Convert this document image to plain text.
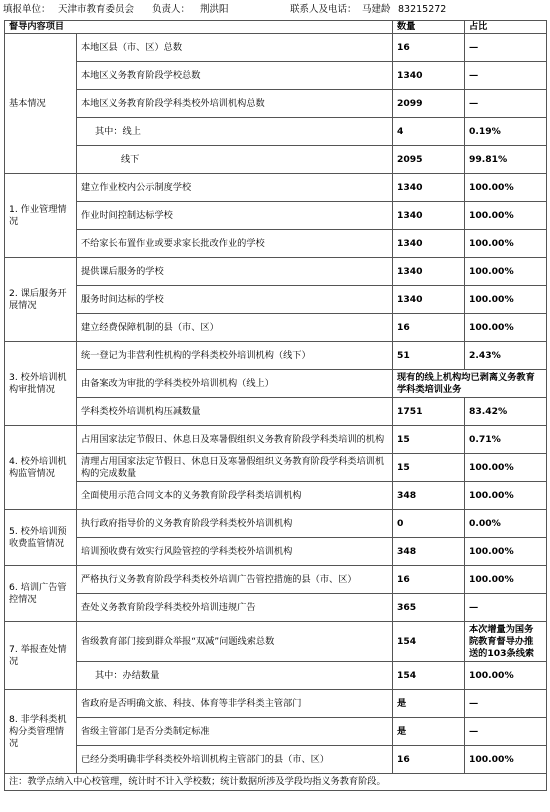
填报单位： 天津市教育委员会 负责人： 荆洪阳	联系人及电话： 马建龄 83215272
督导内容项目		数量	占比
基本情况	本地区县（市、区）总数	16	—
	本地区义务教育阶段学校总数	1340	—
	本地区义务教育阶段学科类校外培训机构总数	2099	—
	其中：线上	4	0.19%
	线下	2095	99.81%
1. 作业管理情况	建立作业校内公示制度学校	1340	100.00%
	作业时间控制达标学校	1340	100.00%
	不给家长布置作业或要求家长批改作业的学校	1340	100.00%
2. 课后服务开展情况	提供课后服务的学校	1340	100.00%
	服务时间达标的学校	1340	100.00%
	建立经费保障机制的县（市、区）	16	100.00%
3. 校外培训机构审批情况	统一登记为非营利性机构的学科类校外培训机构（线下）	51	2.43%
	由备案改为审批的学科类校外培训机构（线上）	现有的线上机构均已剥离义务教育学科类培训业务	
	学科类校外培训机构压减数量	1751	83.42%
4. 校外培训机构监管情况	占用国家法定节假日、休息日及寒暑假组织义务教育阶段学科类培训的机构	15	0.71%
	清理占用国家法定节假日、休息日及寒暑假组织义务教育阶段学科类培训机构的完成数量	15	100.00%
	全面使用示范合同文本的义务教育阶段学科类培训机构	348	100.00%
5. 校外培训预收费监管情况	执行政府指导价的义务教育阶段学科类校外培训机构	0	0.00%
	培训预收费有效实行风险管控的学科类校外培训机构	348	100.00%
6. 培训广告管控情况	严格执行义务教育阶段学科类校外培训广告管控措施的县（市、区）	16	100.00%
	查处义务教育阶段学科类校外培训违规广告	365	—
7. 举报查处情况	省级教育部门接到群众举报“双减”问题线索总数	154	本次增量为国务院教育督导办推送的103条线索
	其中：办结数量	154	100.00%
8. 非学科类机构分类管理情况	省政府是否明确文旅、科技、体育等非学科类主管部门	是	—
	省级主管部门是否分类制定标准	是	—
	已经分类明确非学科类校外培训机构主管部门的县（市、区）	16	100.00%
注：教学点纳入中心校管理，统计时不计入学校数；统计数据所涉及学段均指义务教育阶段。			
